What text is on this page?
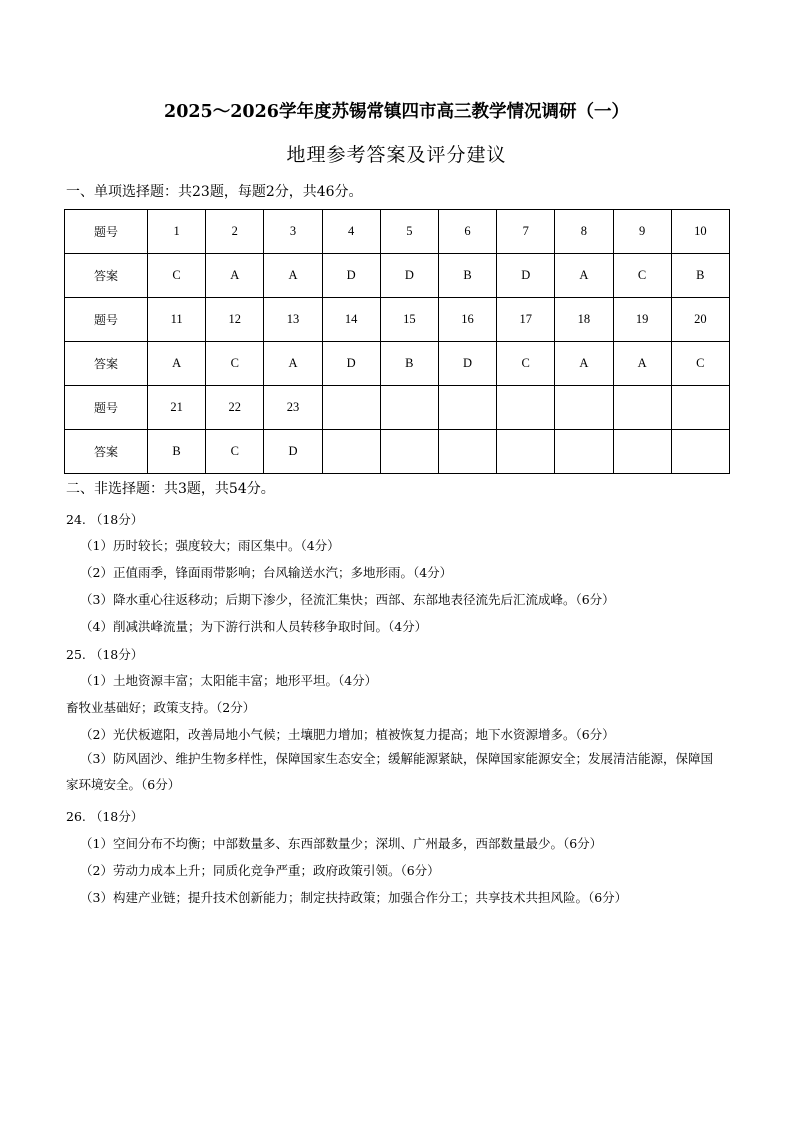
2025～2026学年度苏锡常镇四市高三教学情况调研（一）
地理参考答案及评分建议
一、单项选择题：共23题，每题2分，共46分。
题号	1	2	3	4	5	6	7	8	9	10
答案	C	A	A	D	D	B	D	A	C	B
题号	11	12	13	14	15	16	17	18	19	20
答案	A	C	A	D	B	D	C	A	A	C
题号	21	22	23							
答案	B	C	D							
二、非选择题：共3题，共54分。
24. （18分）
（1）历时较长；强度较大；雨区集中。（4分）
（2）正值雨季，锋面雨带影响；台风输送水汽；多地形雨。（4分）
（3）降水重心往返移动；后期下渗少，径流汇集快；西部、东部地表径流先后汇流成峰。（6分）
（4）削减洪峰流量；为下游行洪和人员转移争取时间。（4分）
25. （18分）
（1）土地资源丰富；太阳能丰富；地形平坦。（4分）
畜牧业基础好；政策支持。（2分）
（2）光伏板遮阳，改善局地小气候；土壤肥力增加；植被恢复力提高；地下水资源增多。（6分）
（3）防风固沙、维护生物多样性，保障国家生态安全；缓解能源紧缺，保障国家能源安全；发展清洁能源，保障国家环境安全。（6分）
26. （18分）
（1）空间分布不均衡；中部数量多、东西部数量少；深圳、广州最多，西部数量最少。（6分）
（2）劳动力成本上升；同质化竞争严重；政府政策引领。（6分）
（3）构建产业链；提升技术创新能力；制定扶持政策；加强合作分工；共享技术共担风险。（6分）
